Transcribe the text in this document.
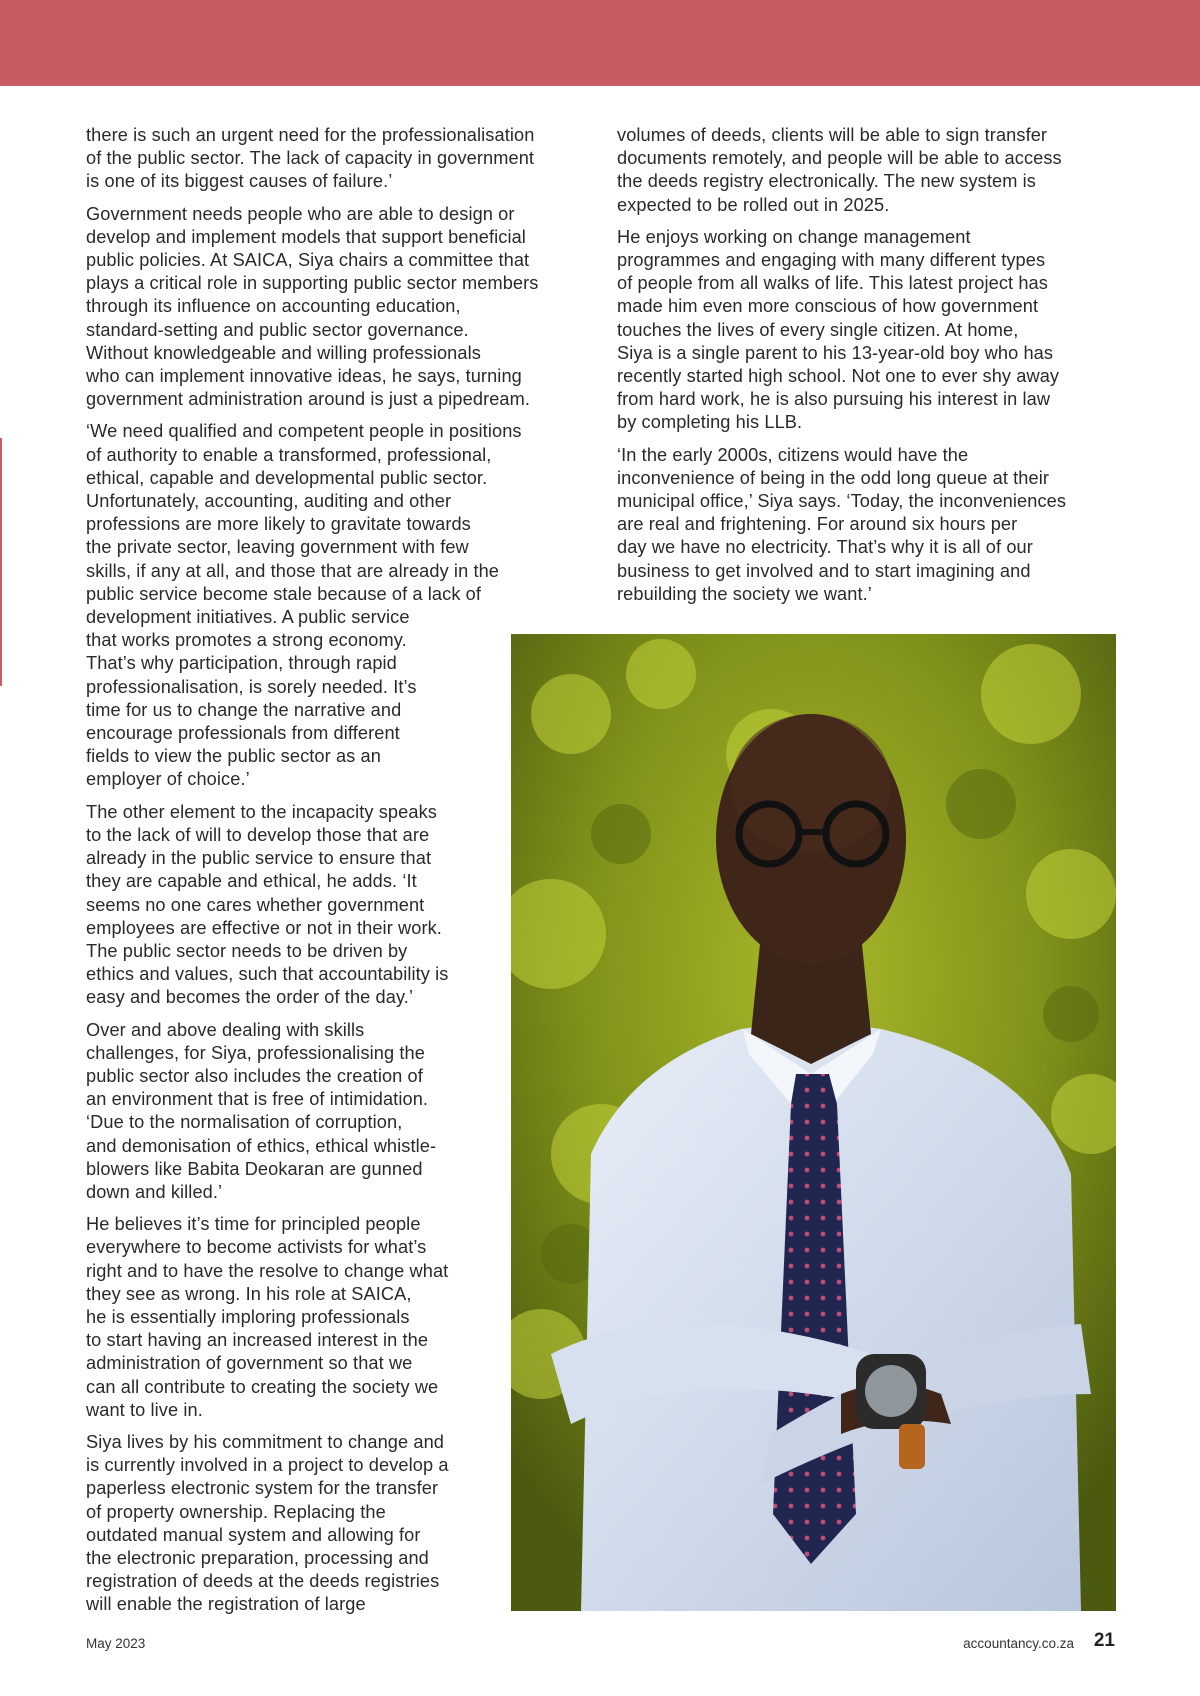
there is such an urgent need for the professionalisation
of the public sector. The lack of capacity in government
is one of its biggest causes of failure.’

Government needs people who are able to design or
develop and implement models that support beneficial
public policies. At SAICA, Siya chairs a committee that
plays a critical role in supporting public sector members
through its influence on accounting education,
standard-setting and public sector governance.
Without knowledgeable and willing professionals
who can implement innovative ideas, he says, turning
government administration around is just a pipedream.

‘We need qualified and competent people in positions
of authority to enable a transformed, professional,
ethical, capable and developmental public sector.
Unfortunately, accounting, auditing and other
professions are more likely to gravitate towards
the private sector, leaving government with few
skills, if any at all, and those that are already in the
public service become stale because of a lack of
development initiatives. A public service
that works promotes a strong economy.
That’s why participation, through rapid
professionalisation, is sorely needed. It’s
time for us to change the narrative and
encourage professionals from different
fields to view the public sector as an
employer of choice.’

The other element to the incapacity speaks
to the lack of will to develop those that are
already in the public service to ensure that
they are capable and ethical, he adds. ‘It
seems no one cares whether government
employees are effective or not in their work.
The public sector needs to be driven by
ethics and values, such that accountability is
easy and becomes the order of the day.’

Over and above dealing with skills
challenges, for Siya, professionalising the
public sector also includes the creation of
an environment that is free of intimidation.
‘Due to the normalisation of corruption,
and demonisation of ethics, ethical whistle-
blowers like Babita Deokaran are gunned
down and killed.’

He believes it’s time for principled people
everywhere to become activists for what’s
right and to have the resolve to change what
they see as wrong. In his role at SAICA,
he is essentially imploring professionals
to start having an increased interest in the
administration of government so that we
can all contribute to creating the society we
want to live in.

Siya lives by his commitment to change and
is currently involved in a project to develop a
paperless electronic system for the transfer
of property ownership. Replacing the
outdated manual system and allowing for
the electronic preparation, processing and
registration of deeds at the deeds registries
will enable the registration of large

volumes of deeds, clients will be able to sign transfer
documents remotely, and people will be able to access
the deeds registry electronically. The new system is
expected to be rolled out in 2025.

He enjoys working on change management
programmes and engaging with many different types
of people from all walks of life. This latest project has
made him even more conscious of how government
touches the lives of every single citizen. At home,
Siya is a single parent to his 13-year-old boy who has
recently started high school. Not one to ever shy away
from hard work, he is also pursuing his interest in law
by completing his LLB.

‘In the early 2000s, citizens would have the
inconvenience of being in the odd long queue at their
municipal office,’ Siya says. ‘Today, the inconveniences
are real and frightening. For around six hours per
day we have no electricity. That’s why it is all of our
business to get involved and to start imagining and
rebuilding the society we want.’

May 2023	accountancy.co.za 21
